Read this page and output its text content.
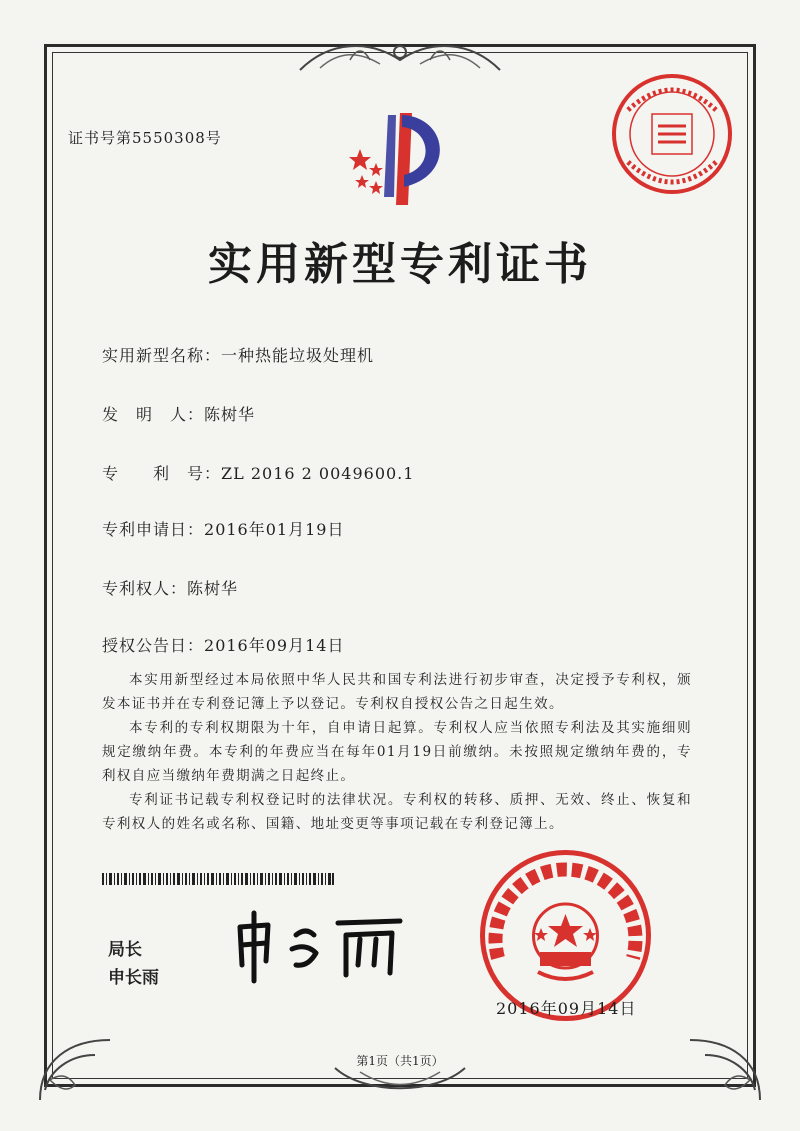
证书号第5550308号
实用新型专利证书
实用新型名称：一种热能垃圾处理机
发　明　人：陈树华
专　　利　号：ZL 2016 2 0049600.1
专利申请日：2016年01月19日
专利权人：陈树华
授权公告日：2016年09月14日

本实用新型经过本局依照中华人民共和国专利法进行初步审查，决定授予专利权，颁发本证书并在专利登记簿上予以登记。专利权自授权公告之日起生效。

本专利的专利权期限为十年，自申请日起算。专利权人应当依照专利法及其实施细则规定缴纳年费。本专利的年费应当在每年01月19日前缴纳。未按照规定缴纳年费的，专利权自应当缴纳年费期满之日起终止。

专利证书记载专利权登记时的法律状况。专利权的转移、质押、无效、终止、恢复和专利权人的姓名或名称、国籍、地址变更等事项记载在专利登记簿上。

局长
申长雨
2016年09月14日
第1页（共1页）
